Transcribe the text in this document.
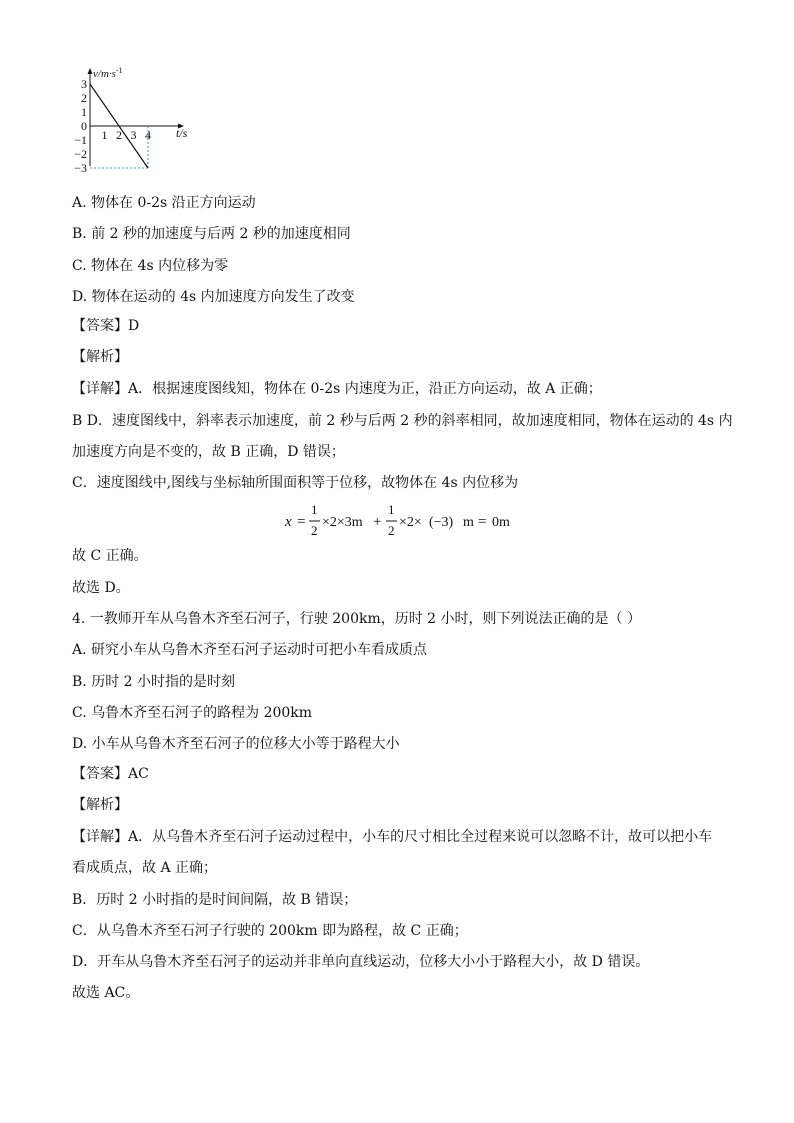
$v/m\cdot s^{-1}$
t/s
3
2
1
0
−1
−2
−3
1 2 3 4
A. 物体在 0-2s 沿正方向运动
B. 前 2 秒的加速度与后两 2 秒的加速度相同
C. 物体在 4s 内位移为零
D. 物体在运动的 4s 内加速度方向发生了改变
【答案】D
【解析】
【详解】A．根据速度图线知，物体在 0-2s 内速度为正，沿正方向运动，故 A 正确；
B D．速度图线中，斜率表示加速度，前 2 秒与后两 2 秒的斜率相同，故加速度相同，物体在运动的 4s 内
加速度方向是不变的，故 B 正确，D 错误；
C．速度图线中,图线与坐标轴所围面积等于位移，故物体在 4s 内位移为
x =
1
2
×2×3m +
1
2
×2× (−3) m = 0m
故 C 正确。
故选 D。
4. 一教师开车从乌鲁木齐至石河子，行驶 200km，历时 2 小时，则下列说法正确的是（ ）
A. 研究小车从乌鲁木齐至石河子运动时可把小车看成质点
B. 历时 2 小时指的是时刻
C. 乌鲁木齐至石河子的路程为 200km
D. 小车从乌鲁木齐至石河子的位移大小等于路程大小
【答案】AC
【解析】
【详解】A．从乌鲁木齐至石河子运动过程中，小车的尺寸相比全过程来说可以忽略不计，故可以把小车
看成质点，故 A 正确；
B．历时 2 小时指的是时间间隔，故 B 错误；
C．从乌鲁木齐至石河子行驶的 200km 即为路程，故 C 正确；
D．开车从乌鲁木齐至石河子的运动并非单向直线运动，位移大小小于路程大小，故 D 错误。
故选 AC。
